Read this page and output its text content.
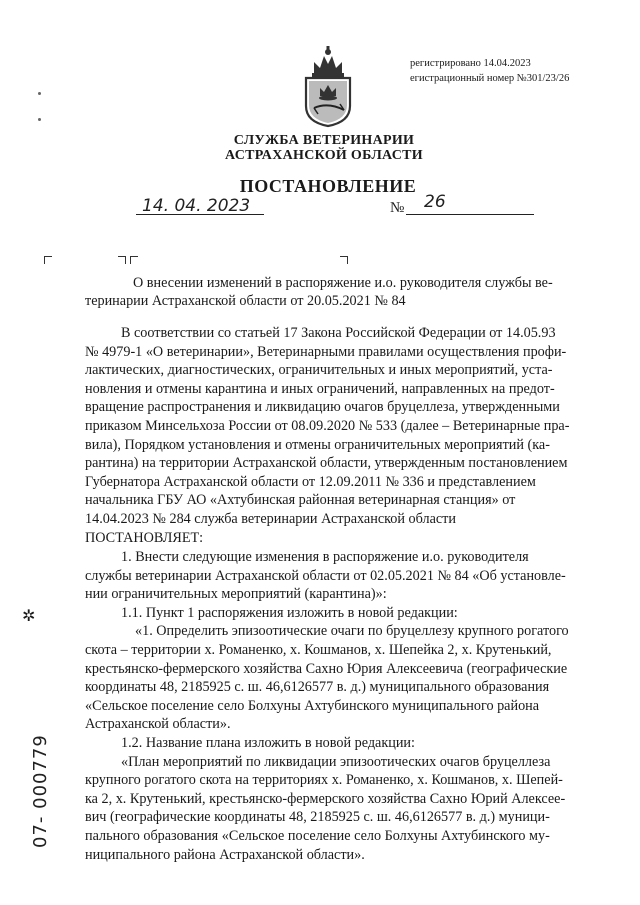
регистрировано 14.04.2023
егистрационный номер №301/23/26
СЛУЖБА ВЕТЕРИНАРИИ
АСТРАХАНСКОЙ ОБЛАСТИ
ПОСТАНОВЛЕНИЕ
14. 04. 2023	№ 26
О внесении изменений в распоряжение и.о. руководителя службы ве-
теринарии Астраханской области от 20.05.2021 № 84
В соответствии со статьей 17 Закона Российской Федерации от 14.05.93
№ 4979-1 «О ветеринарии», Ветеринарными правилами осуществления профи-
лактических, диагностических, ограничительных и иных мероприятий, уста-
новления и отмены карантина и иных ограничений, направленных на предот-
вращение распространения и ликвидацию очагов бруцеллеза, утвержденными
приказом Минсельхоза России от 08.09.2020 № 533 (далее – Ветеринарные пра-
вила), Порядком установления и отмены ограничительных мероприятий (ка-
рантина) на территории Астраханской области, утвержденным постановлением
Губернатора Астраханской области от 12.09.2011 № 336 и представлением
начальника ГБУ АО «Ахтубинская районная ветеринарная станция» от
14.04.2023 № 284 служба ветеринарии Астраханской области
ПОСТАНОВЛЯЕТ:
1. Внести следующие изменения в распоряжение и.о. руководителя
службы ветеринарии Астраханской области от 02.05.2021 № 84 «Об установле-
нии ограничительных мероприятий (карантина)»:
1.1. Пункт 1 распоряжения изложить в новой редакции:
«1. Определить эпизоотические очаги по бруцеллезу крупного рогатого
скота – территории х. Романенко, х. Кошманов, х. Шепейка 2, х. Крутенький,
крестьянско-фермерского хозяйства Сахно Юрия Алексеевича (географические
координаты 48, 2185925 с. ш. 46,6126577 в. д.) муниципального образования
«Сельское поселение село Болхуны Ахтубинского муниципального района
Астраханской области».
1.2. Название плана изложить в новой редакции:
«План мероприятий по ликвидации эпизоотических очагов бруцеллеза
крупного рогатого скота на территориях х. Романенко, х. Кошманов, х. Шепей-
ка 2, х. Крутенький, крестьянско-фермерского хозяйства Сахно Юрий Алексее-
вич (географические координаты 48, 2185925 с. ш. 46,6126577 в. д.) муници-
пального образования «Сельское поселение село Болхуны Ахтубинского му-
ниципального района Астраханской области».
✲
07- 000779
